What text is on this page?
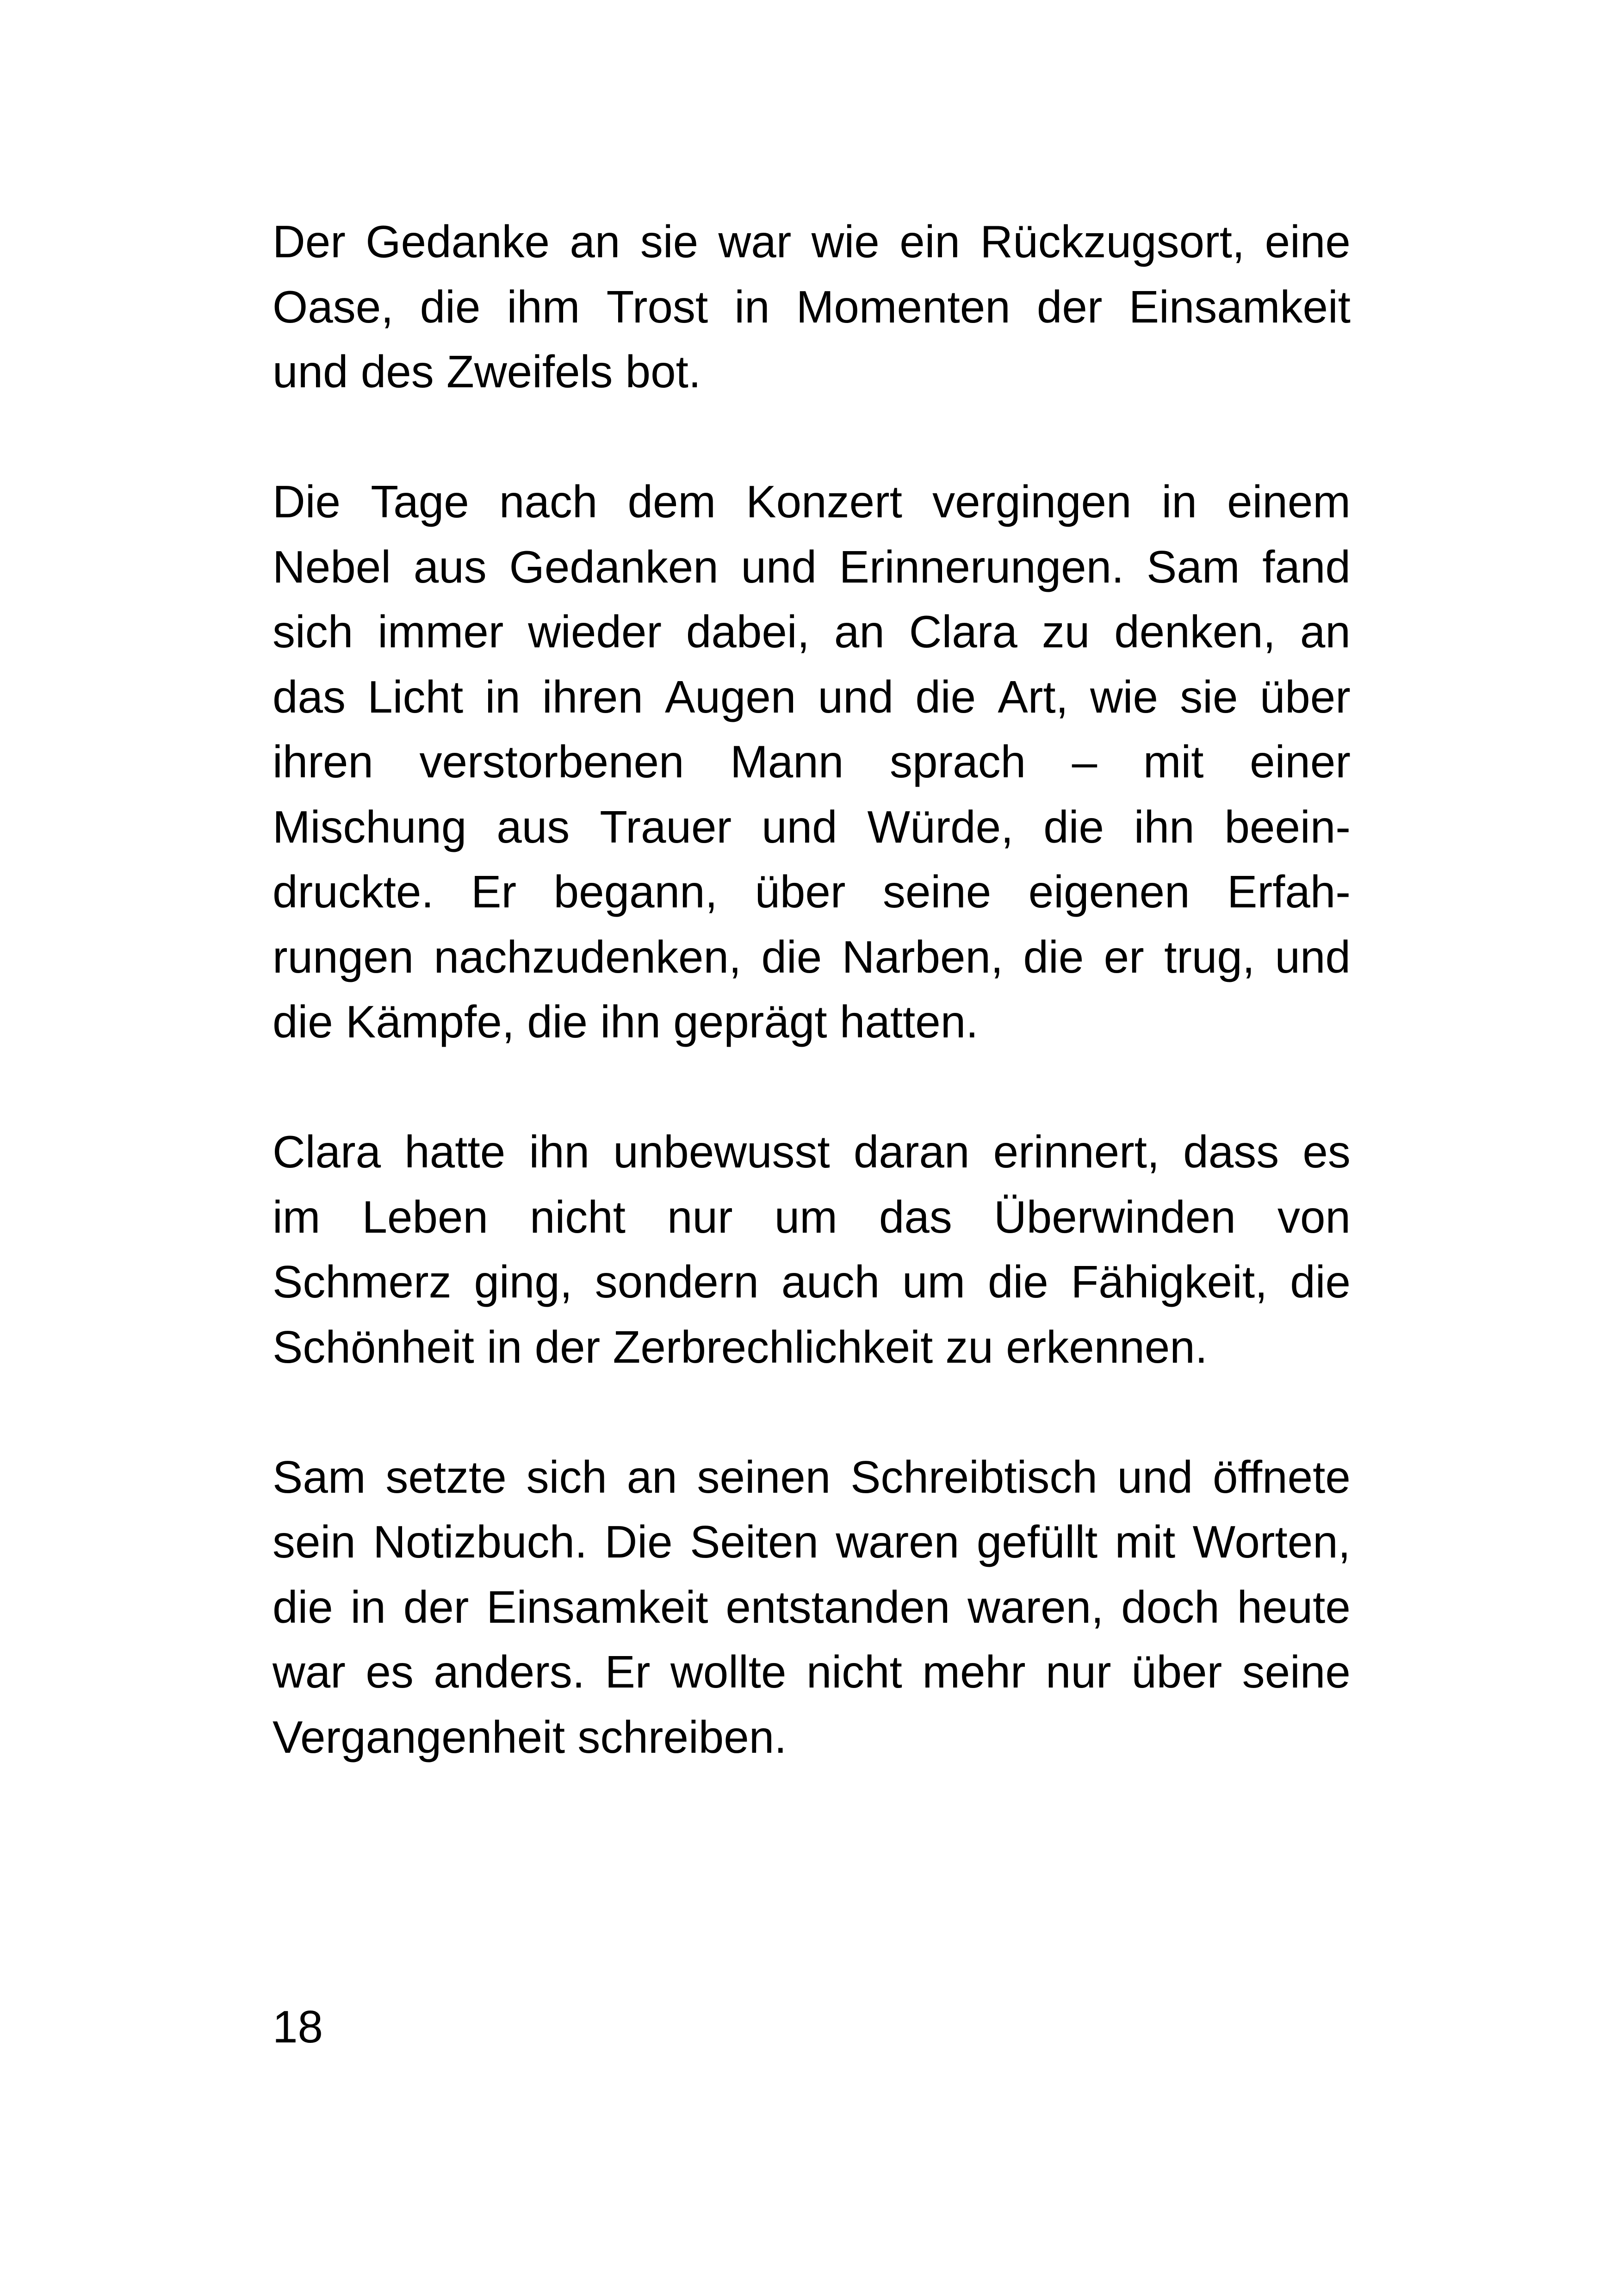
Der Gedanke an sie war wie ein Rückzugsort, eine
Oase, die ihm Trost in Momenten der Einsamkeit
und des Zweifels bot.
Die Tage nach dem Konzert vergingen in einem
Nebel aus Gedanken und Erinnerungen. Sam fand
sich immer wieder dabei, an Clara zu denken, an
das Licht in ihren Augen und die Art, wie sie über
ihren verstorbenen Mann sprach – mit einer
Mischung aus Trauer und Würde, die ihn beein-
druckte. Er begann, über seine eigenen Erfah-
rungen nachzudenken, die Narben, die er trug, und
die Kämpfe, die ihn geprägt hatten.
Clara hatte ihn unbewusst daran erinnert, dass es
im Leben nicht nur um das Überwinden von
Schmerz ging, sondern auch um die Fähigkeit, die
Schönheit in der Zerbrechlichkeit zu erkennen.
Sam setzte sich an seinen Schreibtisch und öffnete
sein Notizbuch. Die Seiten waren gefüllt mit Worten,
die in der Einsamkeit entstanden waren, doch heute
war es anders. Er wollte nicht mehr nur über seine
Vergangenheit schreiben.
18
